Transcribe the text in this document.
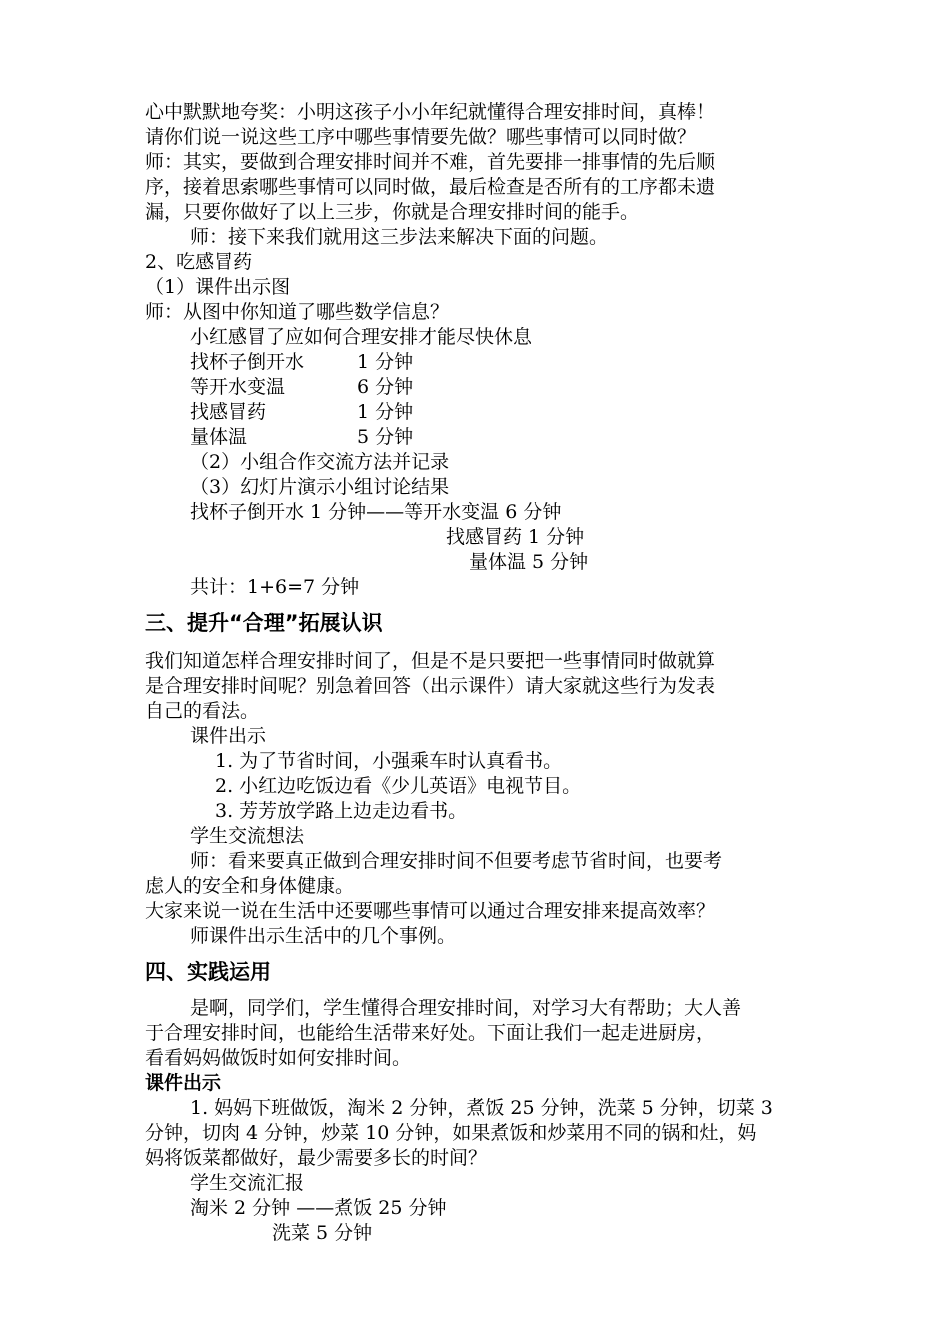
心中默默地夸奖：小明这孩子小小年纪就懂得合理安排时间，真棒！
请你们说一说这些工序中哪些事情要先做？哪些事情可以同时做？
师：其实，要做到合理安排时间并不难，首先要排一排事情的先后顺
序，接着思索哪些事情可以同时做，最后检查是否所有的工序都未遗
漏，只要你做好了以上三步，你就是合理安排时间的能手。
师：接下来我们就用这三步法来解决下面的问题。
2、吃感冒药
（1）课件出示图
师：从图中你知道了哪些数学信息？
小红感冒了应如何合理安排才能尽快休息
找杯子倒开水	1 分钟
等开水变温	6 分钟
找感冒药	1 分钟
量体温	5 分钟
（2）小组合作交流方法并记录
（3）幻灯片演示小组讨论结果
找杯子倒开水 1 分钟——等开水变温 6 分钟
找感冒药 1 分钟
量体温 5 分钟
共计：1+6=7 分钟
三、提升“合理”拓展认识
我们知道怎样合理安排时间了，但是不是只要把一些事情同时做就算
是合理安排时间呢？别急着回答（出示课件）请大家就这些行为发表
自己的看法。
课件出示
1. 为了节省时间，小强乘车时认真看书。
2. 小红边吃饭边看《少儿英语》电视节目。
3. 芳芳放学路上边走边看书。
学生交流想法
师：看来要真正做到合理安排时间不但要考虑节省时间，也要考
虑人的安全和身体健康。
大家来说一说在生活中还要哪些事情可以通过合理安排来提高效率？
师课件出示生活中的几个事例。
四、实践运用
是啊，同学们，学生懂得合理安排时间，对学习大有帮助；大人善
于合理安排时间，也能给生活带来好处。下面让我们一起走进厨房，
看看妈妈做饭时如何安排时间。
课件出示
1. 妈妈下班做饭，淘米 2 分钟，煮饭 25 分钟，洗菜 5 分钟，切菜 3
分钟，切肉 4 分钟，炒菜 10 分钟，如果煮饭和炒菜用不同的锅和灶，妈
妈将饭菜都做好，最少需要多长的时间？
学生交流汇报
淘米 2 分钟 ——煮饭 25 分钟
洗菜 5 分钟
